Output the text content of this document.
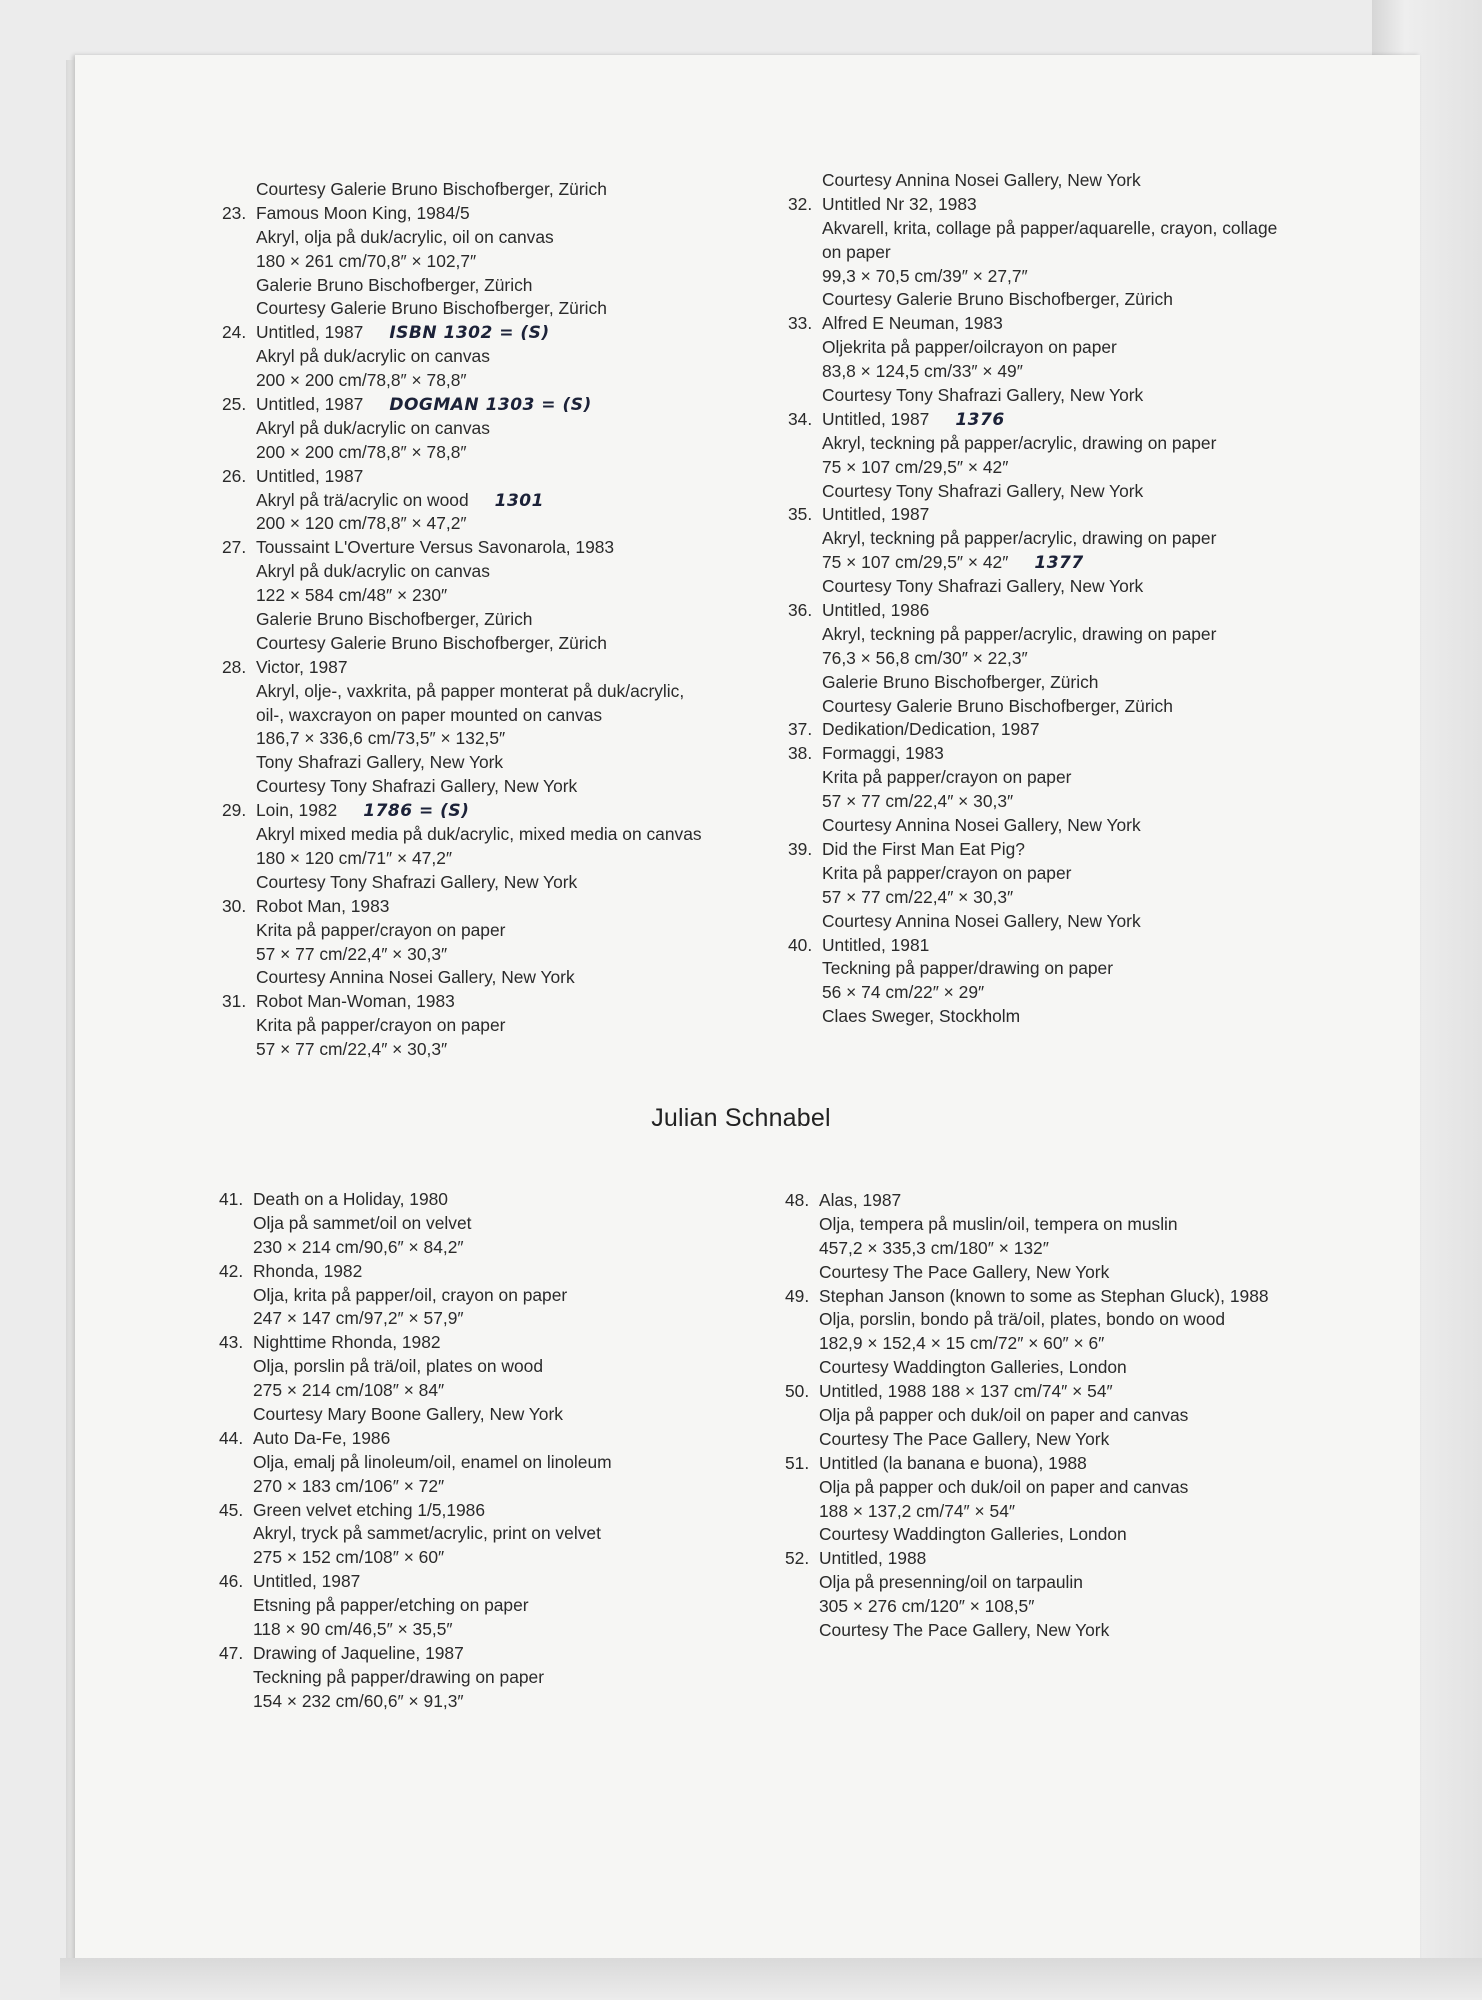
Courtesy Galerie Bruno Bischofberger, Zürich
23. Famous Moon King, 1984/5
Akryl, olja på duk/acrylic, oil on canvas
180 × 261 cm/70,8″ × 102,7″
Galerie Bruno Bischofberger, Zürich
Courtesy Galerie Bruno Bischofberger, Zürich
24. Untitled, 1987 ISBN 1302 = (S)
Akryl på duk/acrylic on canvas
200 × 200 cm/78,8″ × 78,8″
25. Untitled, 1987 DOGMAN 1303 = (S)
Akryl på duk/acrylic on canvas
200 × 200 cm/78,8″ × 78,8″
26. Untitled, 1987
Akryl på trä/acrylic on wood 1301
200 × 120 cm/78,8″ × 47,2″
27. Toussaint L'Overture Versus Savonarola, 1983
Akryl på duk/acrylic on canvas
122 × 584 cm/48″ × 230″
Galerie Bruno Bischofberger, Zürich
Courtesy Galerie Bruno Bischofberger, Zürich
28. Victor, 1987
Akryl, olje-, vaxkrita, på papper monterat på duk/acrylic,
oil-, waxcrayon on paper mounted on canvas
186,7 × 336,6 cm/73,5″ × 132,5″
Tony Shafrazi Gallery, New York
Courtesy Tony Shafrazi Gallery, New York
29. Loin, 1982 1786 = (S)
Akryl mixed media på duk/acrylic, mixed media on canvas
180 × 120 cm/71″ × 47,2″
Courtesy Tony Shafrazi Gallery, New York
30. Robot Man, 1983
Krita på papper/crayon on paper
57 × 77 cm/22,4″ × 30,3″
Courtesy Annina Nosei Gallery, New York
31. Robot Man-Woman, 1983
Krita på papper/crayon on paper
57 × 77 cm/22,4″ × 30,3″
Courtesy Annina Nosei Gallery, New York
32. Untitled Nr 32, 1983
Akvarell, krita, collage på papper/aquarelle, crayon, collage
on paper
99,3 × 70,5 cm/39″ × 27,7″
Courtesy Galerie Bruno Bischofberger, Zürich
33. Alfred E Neuman, 1983
Oljekrita på papper/oilcrayon on paper
83,8 × 124,5 cm/33″ × 49″
Courtesy Tony Shafrazi Gallery, New York
34. Untitled, 1987 1376
Akryl, teckning på papper/acrylic, drawing on paper
75 × 107 cm/29,5″ × 42″
Courtesy Tony Shafrazi Gallery, New York
35. Untitled, 1987
Akryl, teckning på papper/acrylic, drawing on paper
75 × 107 cm/29,5″ × 42″ 1377
Courtesy Tony Shafrazi Gallery, New York
36. Untitled, 1986
Akryl, teckning på papper/acrylic, drawing on paper
76,3 × 56,8 cm/30″ × 22,3″
Galerie Bruno Bischofberger, Zürich
Courtesy Galerie Bruno Bischofberger, Zürich
37. Dedikation/Dedication, 1987
38. Formaggi, 1983
Krita på papper/crayon on paper
57 × 77 cm/22,4″ × 30,3″
Courtesy Annina Nosei Gallery, New York
39. Did the First Man Eat Pig?
Krita på papper/crayon on paper
57 × 77 cm/22,4″ × 30,3″
Courtesy Annina Nosei Gallery, New York
40. Untitled, 1981
Teckning på papper/drawing on paper
56 × 74 cm/22″ × 29″
Claes Sweger, Stockholm
Julian Schnabel
41. Death on a Holiday, 1980
Olja på sammet/oil on velvet
230 × 214 cm/90,6″ × 84,2″
42. Rhonda, 1982
Olja, krita på papper/oil, crayon on paper
247 × 147 cm/97,2″ × 57,9″
43. Nighttime Rhonda, 1982
Olja, porslin på trä/oil, plates on wood
275 × 214 cm/108″ × 84″
Courtesy Mary Boone Gallery, New York
44. Auto Da-Fe, 1986
Olja, emalj på linoleum/oil, enamel on linoleum
270 × 183 cm/106″ × 72″
45. Green velvet etching 1/5,1986
Akryl, tryck på sammet/acrylic, print on velvet
275 × 152 cm/108″ × 60″
46. Untitled, 1987
Etsning på papper/etching on paper
118 × 90 cm/46,5″ × 35,5″
47. Drawing of Jaqueline, 1987
Teckning på papper/drawing on paper
154 × 232 cm/60,6″ × 91,3″
48. Alas, 1987
Olja, tempera på muslin/oil, tempera on muslin
457,2 × 335,3 cm/180″ × 132″
Courtesy The Pace Gallery, New York
49. Stephan Janson (known to some as Stephan Gluck), 1988
Olja, porslin, bondo på trä/oil, plates, bondo on wood
182,9 × 152,4 × 15 cm/72″ × 60″ × 6″
Courtesy Waddington Galleries, London
50. Untitled, 1988 188 × 137 cm/74″ × 54″
Olja på papper och duk/oil on paper and canvas
Courtesy The Pace Gallery, New York
51. Untitled (la banana e buona), 1988
Olja på papper och duk/oil on paper and canvas
188 × 137,2 cm/74″ × 54″
Courtesy Waddington Galleries, London
52. Untitled, 1988
Olja på presenning/oil on tarpaulin
305 × 276 cm/120″ × 108,5″
Courtesy The Pace Gallery, New York
